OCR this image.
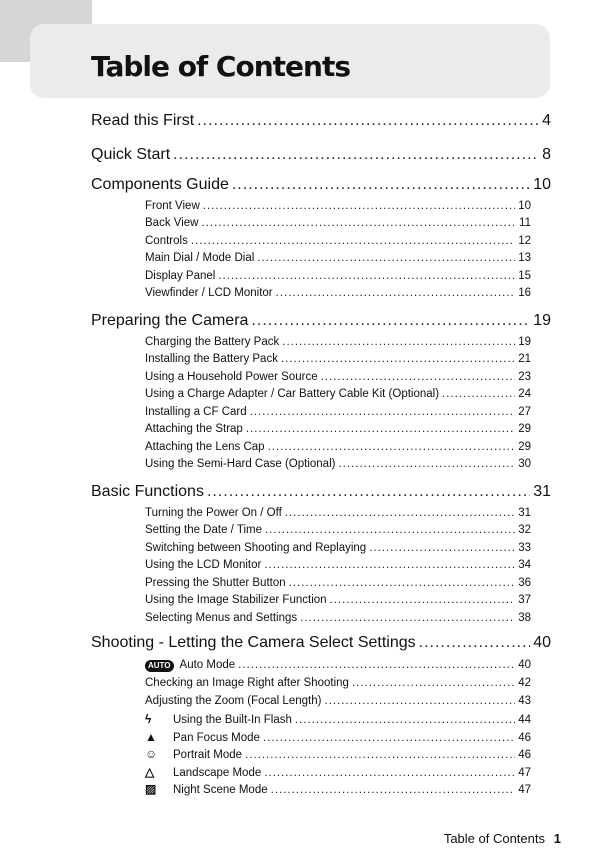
Table of Contents
Read this First .....	4
Quick Start .....	8
Components Guide .....	10
Front View .....	10
Back View .....	11
Controls .....	12
Main Dial / Mode Dial .....	13
Display Panel .....	15
Viewfinder / LCD Monitor .....	16
Preparing the Camera .....	19
Charging the Battery Pack .....	19
Installing the Battery Pack .....	21
Using a Household Power Source .....	23
Using a Charge Adapter / Car Battery Cable Kit (Optional) .....	24
Installing a CF Card .....	27
Attaching the Strap .....	29
Attaching the Lens Cap .....	29
Using the Semi-Hard Case (Optional) .....	30
Basic Functions .....	31
Turning the Power On / Off .....	31
Setting the Date / Time .....	32
Switching between Shooting and Replaying .....	33
Using the LCD Monitor .....	34
Pressing the Shutter Button .....	36
Using the Image Stabilizer Function .....	37
Selecting Menus and Settings .....	38
Shooting - Letting the Camera Select Settings .....	40
AUTO Auto Mode .....	40
Checking an Image Right after Shooting .....	42
Adjusting the Zoom (Focal Length) .....	43
ϟ	Using the Built-In Flash .....	44
▲	Pan Focus Mode .....	46
☺	Portrait Mode .....	46
△	Landscape Mode .....	47
▨	Night Scene Mode .....	47
Table of Contents 1
